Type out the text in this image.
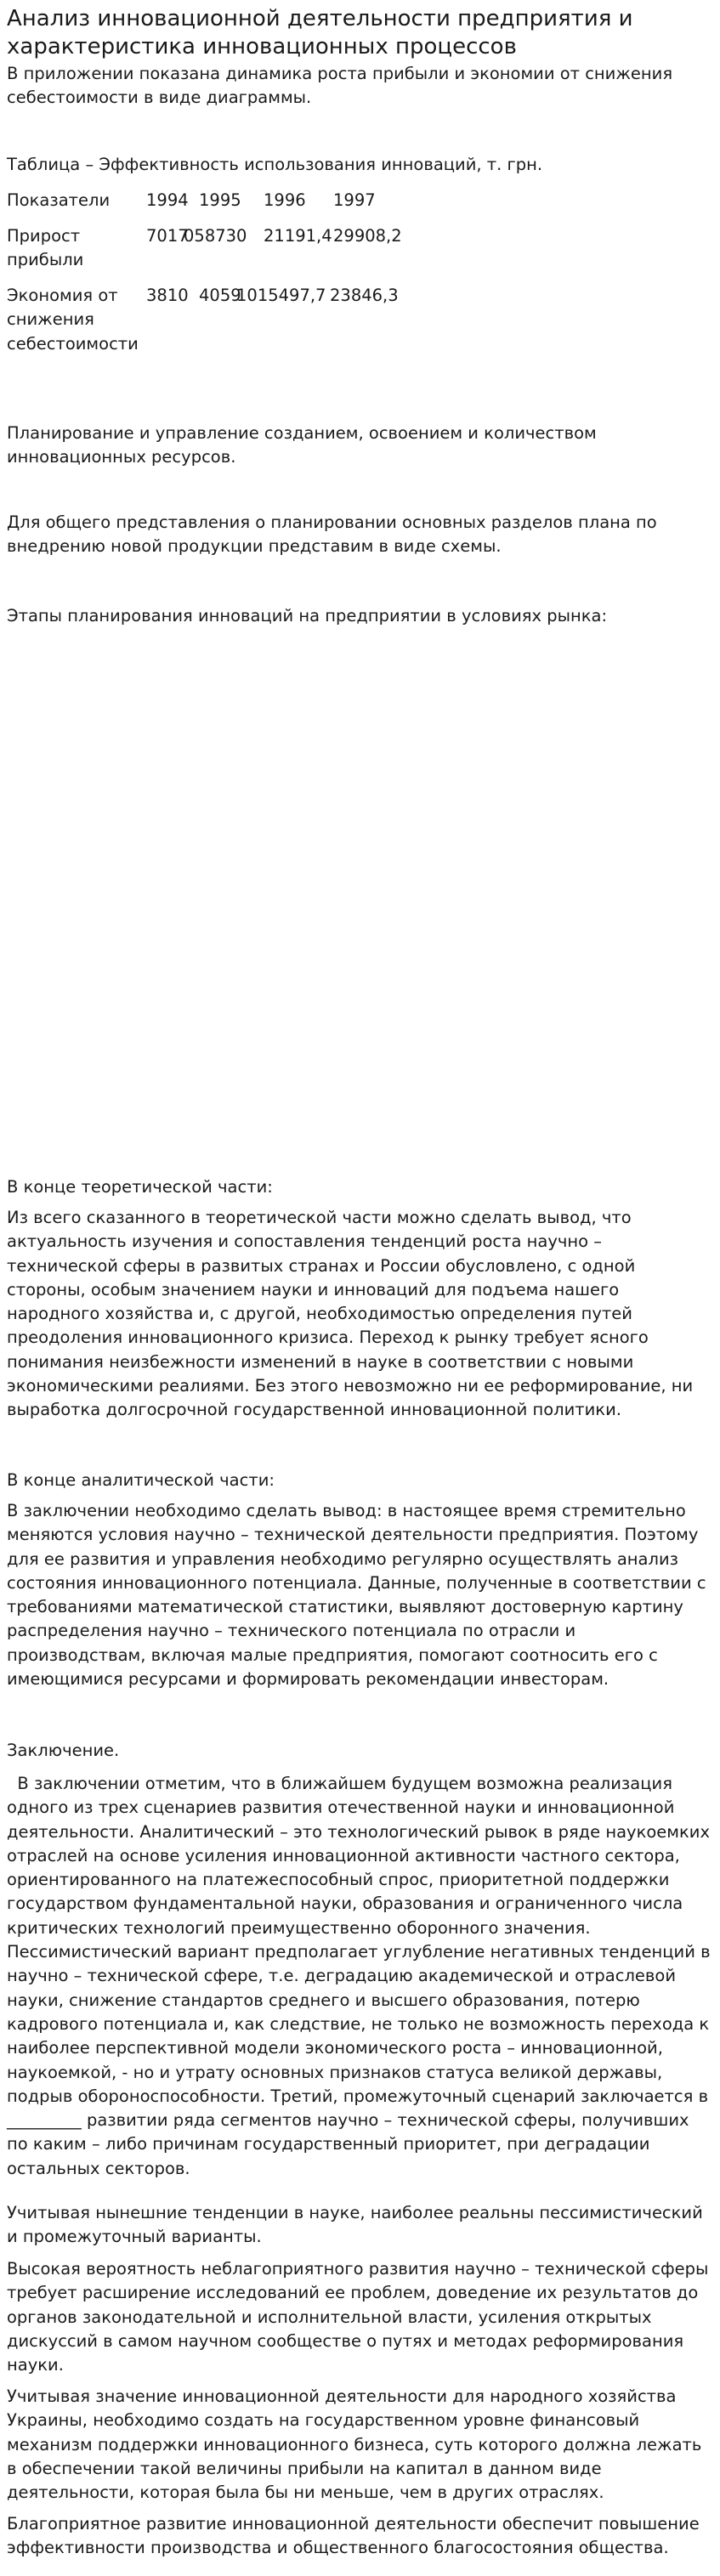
Анализ инновационной деятельности предприятия и характеристика инновационных процессов

В приложении показана динамика роста прибыли и экономии от снижения себестоимости в виде диаграммы.

Таблица – Эффективность использования инноваций, т. грн.

Показатели 1994 1995 1996 1997
Прирост прибыли
7017
058730 21191,4 29908,2
Экономия от снижения себестоимости
3810 4059
1015497,7 23846,3

Планирование и управление созданием, освоением и количеством инновационных ресурсов.

Для общего представления о планировании основных разделов плана по внедрению новой продукции представим в виде схемы.

Этапы планирования инноваций на предприятии в условиях рынка:

В конце теоретической части:

Из всего сказанного в теоретической части можно сделать вывод, что актуальность изучения и сопоставления тенденций роста научно – технической сферы в развитых странах и России обусловлено, с одной стороны, особым значением науки и инноваций для подъема нашего народного хозяйства и, с другой, необходимостью определения путей преодоления инновационного кризиса. Переход к рынку требует ясного понимания неизбежности изменений в науке в соответствии с новыми экономическими реалиями. Без этого невозможно ни ее реформирование, ни выработка долгосрочной государственной инновационной политики.

В конце аналитической части:

В заключении необходимо сделать вывод: в настоящее время стремительно меняются условия научно – технической деятельности предприятия. Поэтому для ее развития и управления необходимо регулярно осуществлять анализ состояния инновационного потенциала. Данные, полученные в соответствии с требованиями математической статистики, выявляют достоверную картину распределения научно – технического потенциала по отрасли и производствам, включая малые предприятия, помогают соотносить его с имеющимися ресурсами и формировать рекомендации инвесторам.

Заключение.

В заключении отметим, что в ближайшем будущем возможна реализация одного из трех сценариев развития отечественной науки и инновационной деятельности. Аналитический – это технологический рывок в ряде наукоемких отраслей на основе усиления инновационной активности частного сектора, ориентированного на платежеспособный спрос, приоритетной поддержки государством фундаментальной науки, образования и ограниченного числа критических технологий преимущественно оборонного значения. Пессимистический вариант предполагает углубление негативных тенденций в научно – технической сфере, т.е. деградацию академической и отраслевой науки, снижение стандартов среднего и высшего образования, потерю кадрового потенциала и, как следствие, не только не возможность перехода к наиболее перспективной модели экономического роста – инновационной, наукоемкой, - но и утрату основных признаков статуса великой державы, подрыв обороноспособности. Третий, промежуточный сценарий заключается в _________ развитии ряда сегментов научно – технической сферы, получивших по каким – либо причинам государственный приоритет, при деградации остальных секторов.

Учитывая нынешние тенденции в науке, наиболее реальны пессимистический и промежуточный варианты.

Высокая вероятность неблагоприятного развития научно – технической сферы требует расширение исследований ее проблем, доведение их результатов до органов законодательной и исполнительной власти, усиления открытых дискуссий в самом научном сообществе о путях и методах реформирования науки.

Учитывая значение инновационной деятельности для народного хозяйства Украины, необходимо создать на государственном уровне финансовый механизм поддержки инновационного бизнеса, суть которого должна лежать в обеспечении такой величины прибыли на капитал в данном виде деятельности, которая была бы ни меньше, чем в других отраслях.

Благоприятное развитие инновационной деятельности обеспечит повышение эффективности производства и общественного благосостояния общества.
